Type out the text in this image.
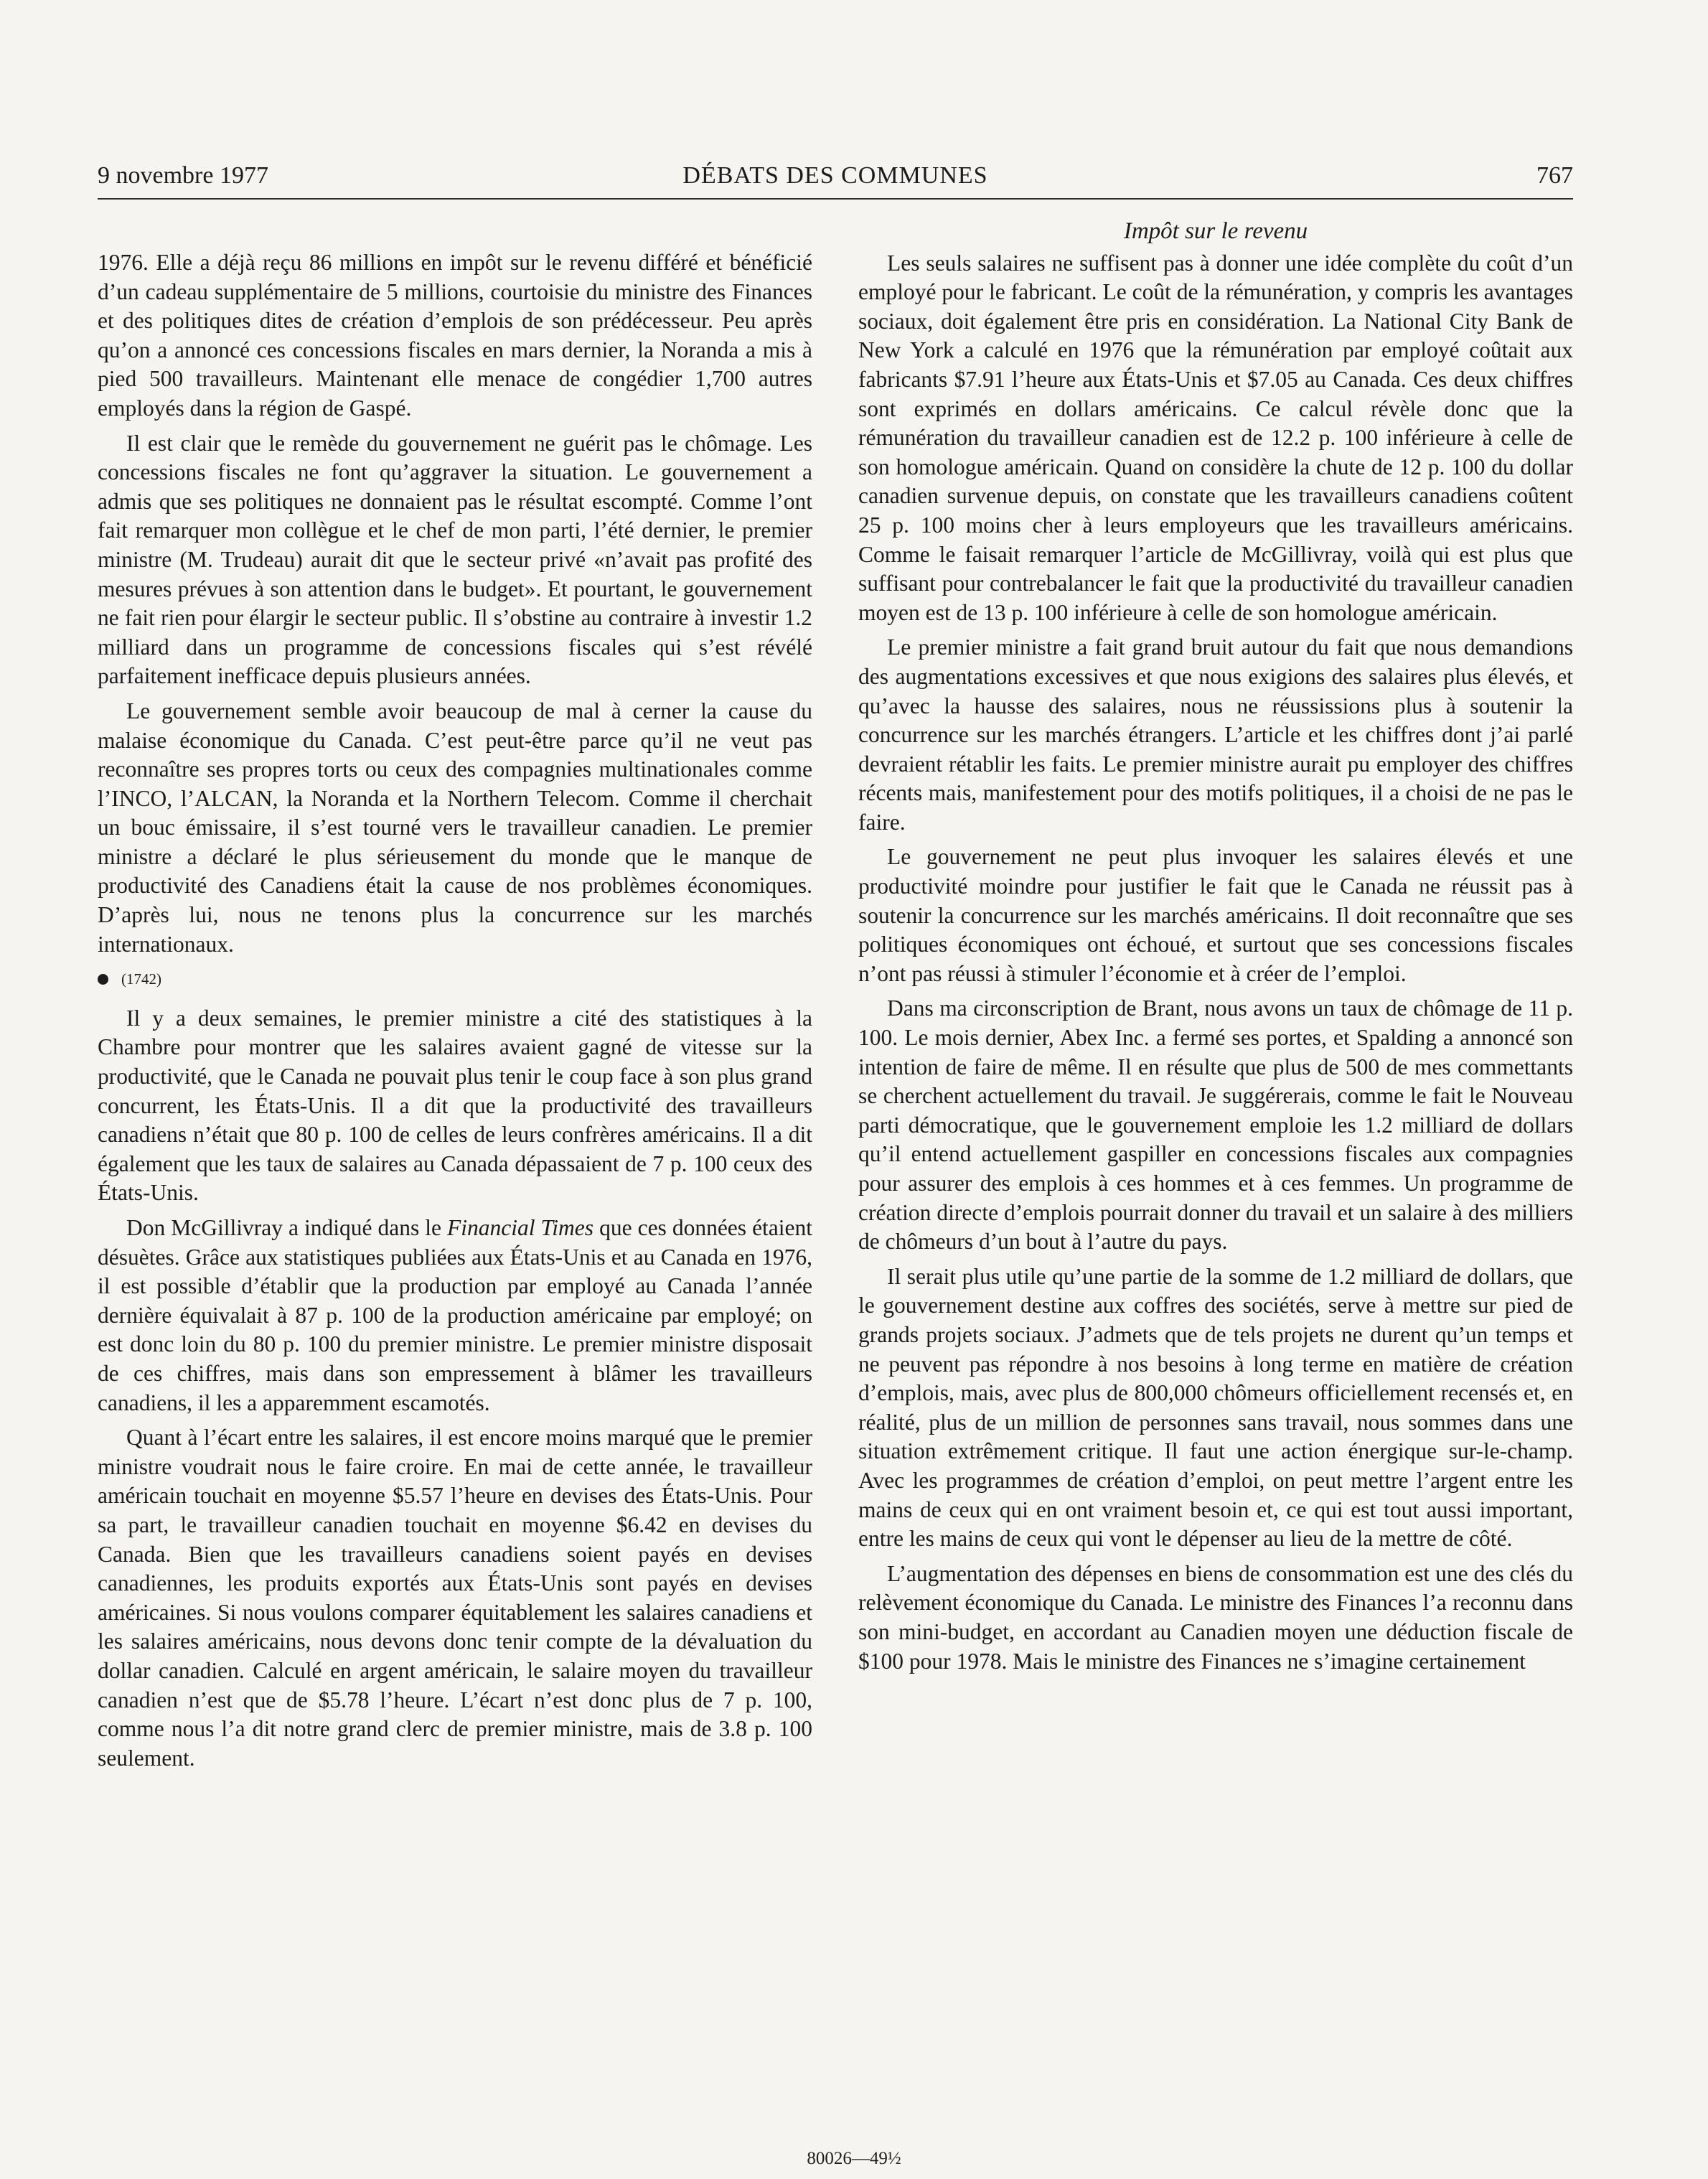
9 novembre 1977	DÉBATS DES COMMUNES	767

1976. Elle a déjà reçu 86 millions en impôt sur le revenu différé et bénéficié d’un cadeau supplémentaire de 5 millions, courtoisie du ministre des Finances et des politiques dites de création d’emplois de son prédécesseur. Peu après qu’on a annoncé ces concessions fiscales en mars dernier, la Noranda a mis à pied 500 travailleurs. Maintenant elle menace de congédier 1,700 autres employés dans la région de Gaspé.

Il est clair que le remède du gouvernement ne guérit pas le chômage. Les concessions fiscales ne font qu’aggraver la situation. Le gouvernement a admis que ses politiques ne donnaient pas le résultat escompté. Comme l’ont fait remarquer mon collègue et le chef de mon parti, l’été dernier, le premier ministre (M. Trudeau) aurait dit que le secteur privé «n’avait pas profité des mesures prévues à son attention dans le budget». Et pourtant, le gouvernement ne fait rien pour élargir le secteur public. Il s’obstine au contraire à investir 1.2 milliard dans un programme de concessions fiscales qui s’est révélé parfaitement inefficace depuis plusieurs années.

Le gouvernement semble avoir beaucoup de mal à cerner la cause du malaise économique du Canada. C’est peut-être parce qu’il ne veut pas reconnaître ses propres torts ou ceux des compagnies multinationales comme l’INCO, l’ALCAN, la Noranda et la Northern Telecom. Comme il cherchait un bouc émissaire, il s’est tourné vers le travailleur canadien. Le premier ministre a déclaré le plus sérieusement du monde que le manque de productivité des Canadiens était la cause de nos problèmes économiques. D’après lui, nous ne tenons plus la concurrence sur les marchés internationaux.

(1742)

Il y a deux semaines, le premier ministre a cité des statistiques à la Chambre pour montrer que les salaires avaient gagné de vitesse sur la productivité, que le Canada ne pouvait plus tenir le coup face à son plus grand concurrent, les États-Unis. Il a dit que la productivité des travailleurs canadiens n’était que 80 p. 100 de celles de leurs confrères américains. Il a dit également que les taux de salaires au Canada dépassaient de 7 p. 100 ceux des États-Unis.

Don McGillivray a indiqué dans le Financial Times que ces données étaient désuètes. Grâce aux statistiques publiées aux États-Unis et au Canada en 1976, il est possible d’établir que la production par employé au Canada l’année dernière équivalait à 87 p. 100 de la production américaine par employé; on est donc loin du 80 p. 100 du premier ministre. Le premier ministre disposait de ces chiffres, mais dans son empressement à blâmer les travailleurs canadiens, il les a apparemment escamotés.

Quant à l’écart entre les salaires, il est encore moins marqué que le premier ministre voudrait nous le faire croire. En mai de cette année, le travailleur américain touchait en moyenne $5.57 l’heure en devises des États-Unis. Pour sa part, le travailleur canadien touchait en moyenne $6.42 en devises du Canada. Bien que les travailleurs canadiens soient payés en devises canadiennes, les produits exportés aux États-Unis sont payés en devises américaines. Si nous voulons comparer équitablement les salaires canadiens et les salaires américains, nous devons donc tenir compte de la dévaluation du dollar canadien. Calculé en argent américain, le salaire moyen du travailleur canadien n’est que de $5.78 l’heure. L’écart n’est donc plus de 7 p. 100, comme nous l’a dit notre grand clerc de premier ministre, mais de 3.8 p. 100 seulement.

Impôt sur le revenu

Les seuls salaires ne suffisent pas à donner une idée complète du coût d’un employé pour le fabricant. Le coût de la rémunération, y compris les avantages sociaux, doit également être pris en considération. La National City Bank de New York a calculé en 1976 que la rémunération par employé coûtait aux fabricants $7.91 l’heure aux États-Unis et $7.05 au Canada. Ces deux chiffres sont exprimés en dollars américains. Ce calcul révèle donc que la rémunération du travailleur canadien est de 12.2 p. 100 inférieure à celle de son homologue américain. Quand on considère la chute de 12 p. 100 du dollar canadien survenue depuis, on constate que les travailleurs canadiens coûtent 25 p. 100 moins cher à leurs employeurs que les travailleurs américains. Comme le faisait remarquer l’article de McGillivray, voilà qui est plus que suffisant pour contrebalancer le fait que la productivité du travailleur canadien moyen est de 13 p. 100 inférieure à celle de son homologue américain.

Le premier ministre a fait grand bruit autour du fait que nous demandions des augmentations excessives et que nous exigions des salaires plus élevés, et qu’avec la hausse des salaires, nous ne réussissions plus à soutenir la concurrence sur les marchés étrangers. L’article et les chiffres dont j’ai parlé devraient rétablir les faits. Le premier ministre aurait pu employer des chiffres récents mais, manifestement pour des motifs politiques, il a choisi de ne pas le faire.

Le gouvernement ne peut plus invoquer les salaires élevés et une productivité moindre pour justifier le fait que le Canada ne réussit pas à soutenir la concurrence sur les marchés américains. Il doit reconnaître que ses politiques économiques ont échoué, et surtout que ses concessions fiscales n’ont pas réussi à stimuler l’économie et à créer de l’emploi.

Dans ma circonscription de Brant, nous avons un taux de chômage de 11 p. 100. Le mois dernier, Abex Inc. a fermé ses portes, et Spalding a annoncé son intention de faire de même. Il en résulte que plus de 500 de mes commettants se cherchent actuellement du travail. Je suggérerais, comme le fait le Nouveau parti démocratique, que le gouvernement emploie les 1.2 milliard de dollars qu’il entend actuellement gaspiller en concessions fiscales aux compagnies pour assurer des emplois à ces hommes et à ces femmes. Un programme de création directe d’emplois pourrait donner du travail et un salaire à des milliers de chômeurs d’un bout à l’autre du pays.

Il serait plus utile qu’une partie de la somme de 1.2 milliard de dollars, que le gouvernement destine aux coffres des sociétés, serve à mettre sur pied de grands projets sociaux. J’admets que de tels projets ne durent qu’un temps et ne peuvent pas répondre à nos besoins à long terme en matière de création d’emplois, mais, avec plus de 800,000 chômeurs officiellement recensés et, en réalité, plus de un million de personnes sans travail, nous sommes dans une situation extrêmement critique. Il faut une action énergique sur-le-champ. Avec les programmes de création d’emploi, on peut mettre l’argent entre les mains de ceux qui en ont vraiment besoin et, ce qui est tout aussi important, entre les mains de ceux qui vont le dépenser au lieu de la mettre de côté.

L’augmentation des dépenses en biens de consommation est une des clés du relèvement économique du Canada. Le ministre des Finances l’a reconnu dans son mini-budget, en accordant au Canadien moyen une déduction fiscale de $100 pour 1978. Mais le ministre des Finances ne s’imagine certainement

80026—49½
